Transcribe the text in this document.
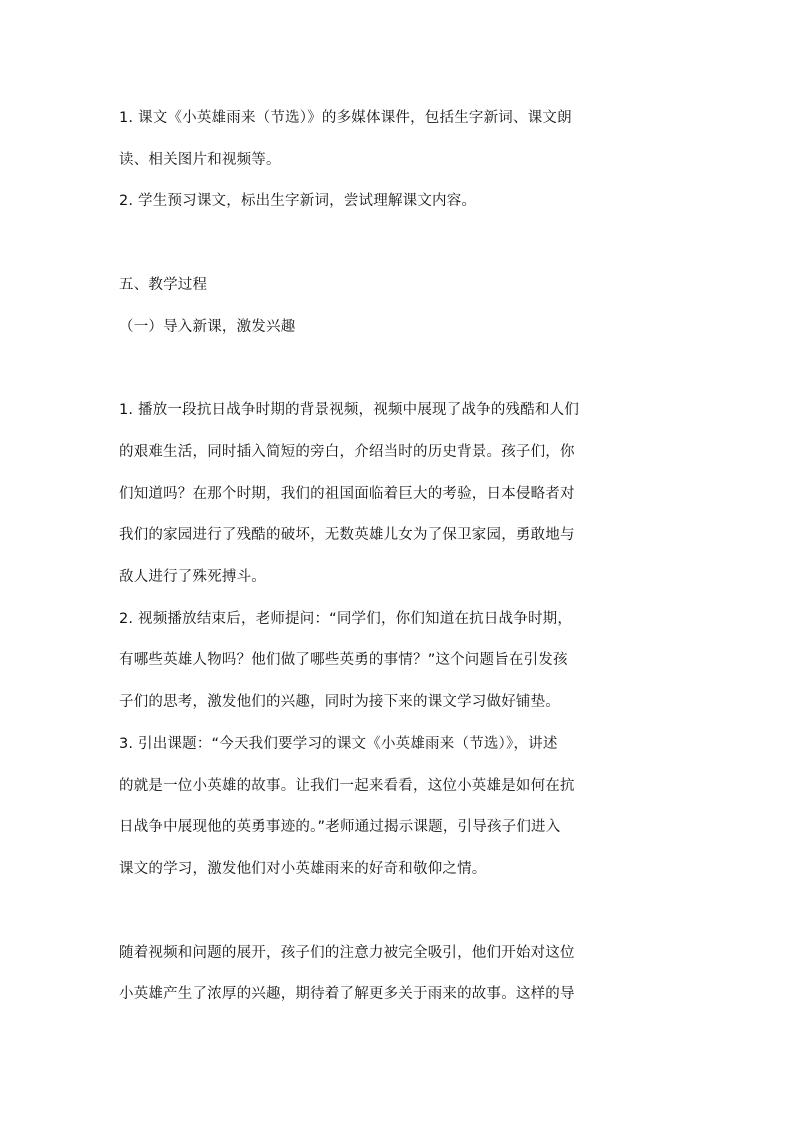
1. 课文《小英雄雨来（节选）》的多媒体课件，包括生字新词、课文朗
读、相关图片和视频等。
2. 学生预习课文，标出生字新词，尝试理解课文内容。
五、教学过程
（一）导入新课，激发兴趣
1. 播放一段抗日战争时期的背景视频，视频中展现了战争的残酷和人们
的艰难生活，同时插入简短的旁白，介绍当时的历史背景。孩子们，你
们知道吗？在那个时期，我们的祖国面临着巨大的考验，日本侵略者对
我们的家园进行了残酷的破坏，无数英雄儿女为了保卫家园，勇敢地与
敌人进行了殊死搏斗。
2. 视频播放结束后，老师提问：“同学们，你们知道在抗日战争时期，
有哪些英雄人物吗？他们做了哪些英勇的事情？”这个问题旨在引发孩
子们的思考，激发他们的兴趣，同时为接下来的课文学习做好铺垫。
3. 引出课题：“今天我们要学习的课文《小英雄雨来（节选）》，讲述
的就是一位小英雄的故事。让我们一起来看看，这位小英雄是如何在抗
日战争中展现他的英勇事迹的。”老师通过揭示课题，引导孩子们进入
课文的学习，激发他们对小英雄雨来的好奇和敬仰之情。
随着视频和问题的展开，孩子们的注意力被完全吸引，他们开始对这位
小英雄产生了浓厚的兴趣，期待着了解更多关于雨来的故事。这样的导
